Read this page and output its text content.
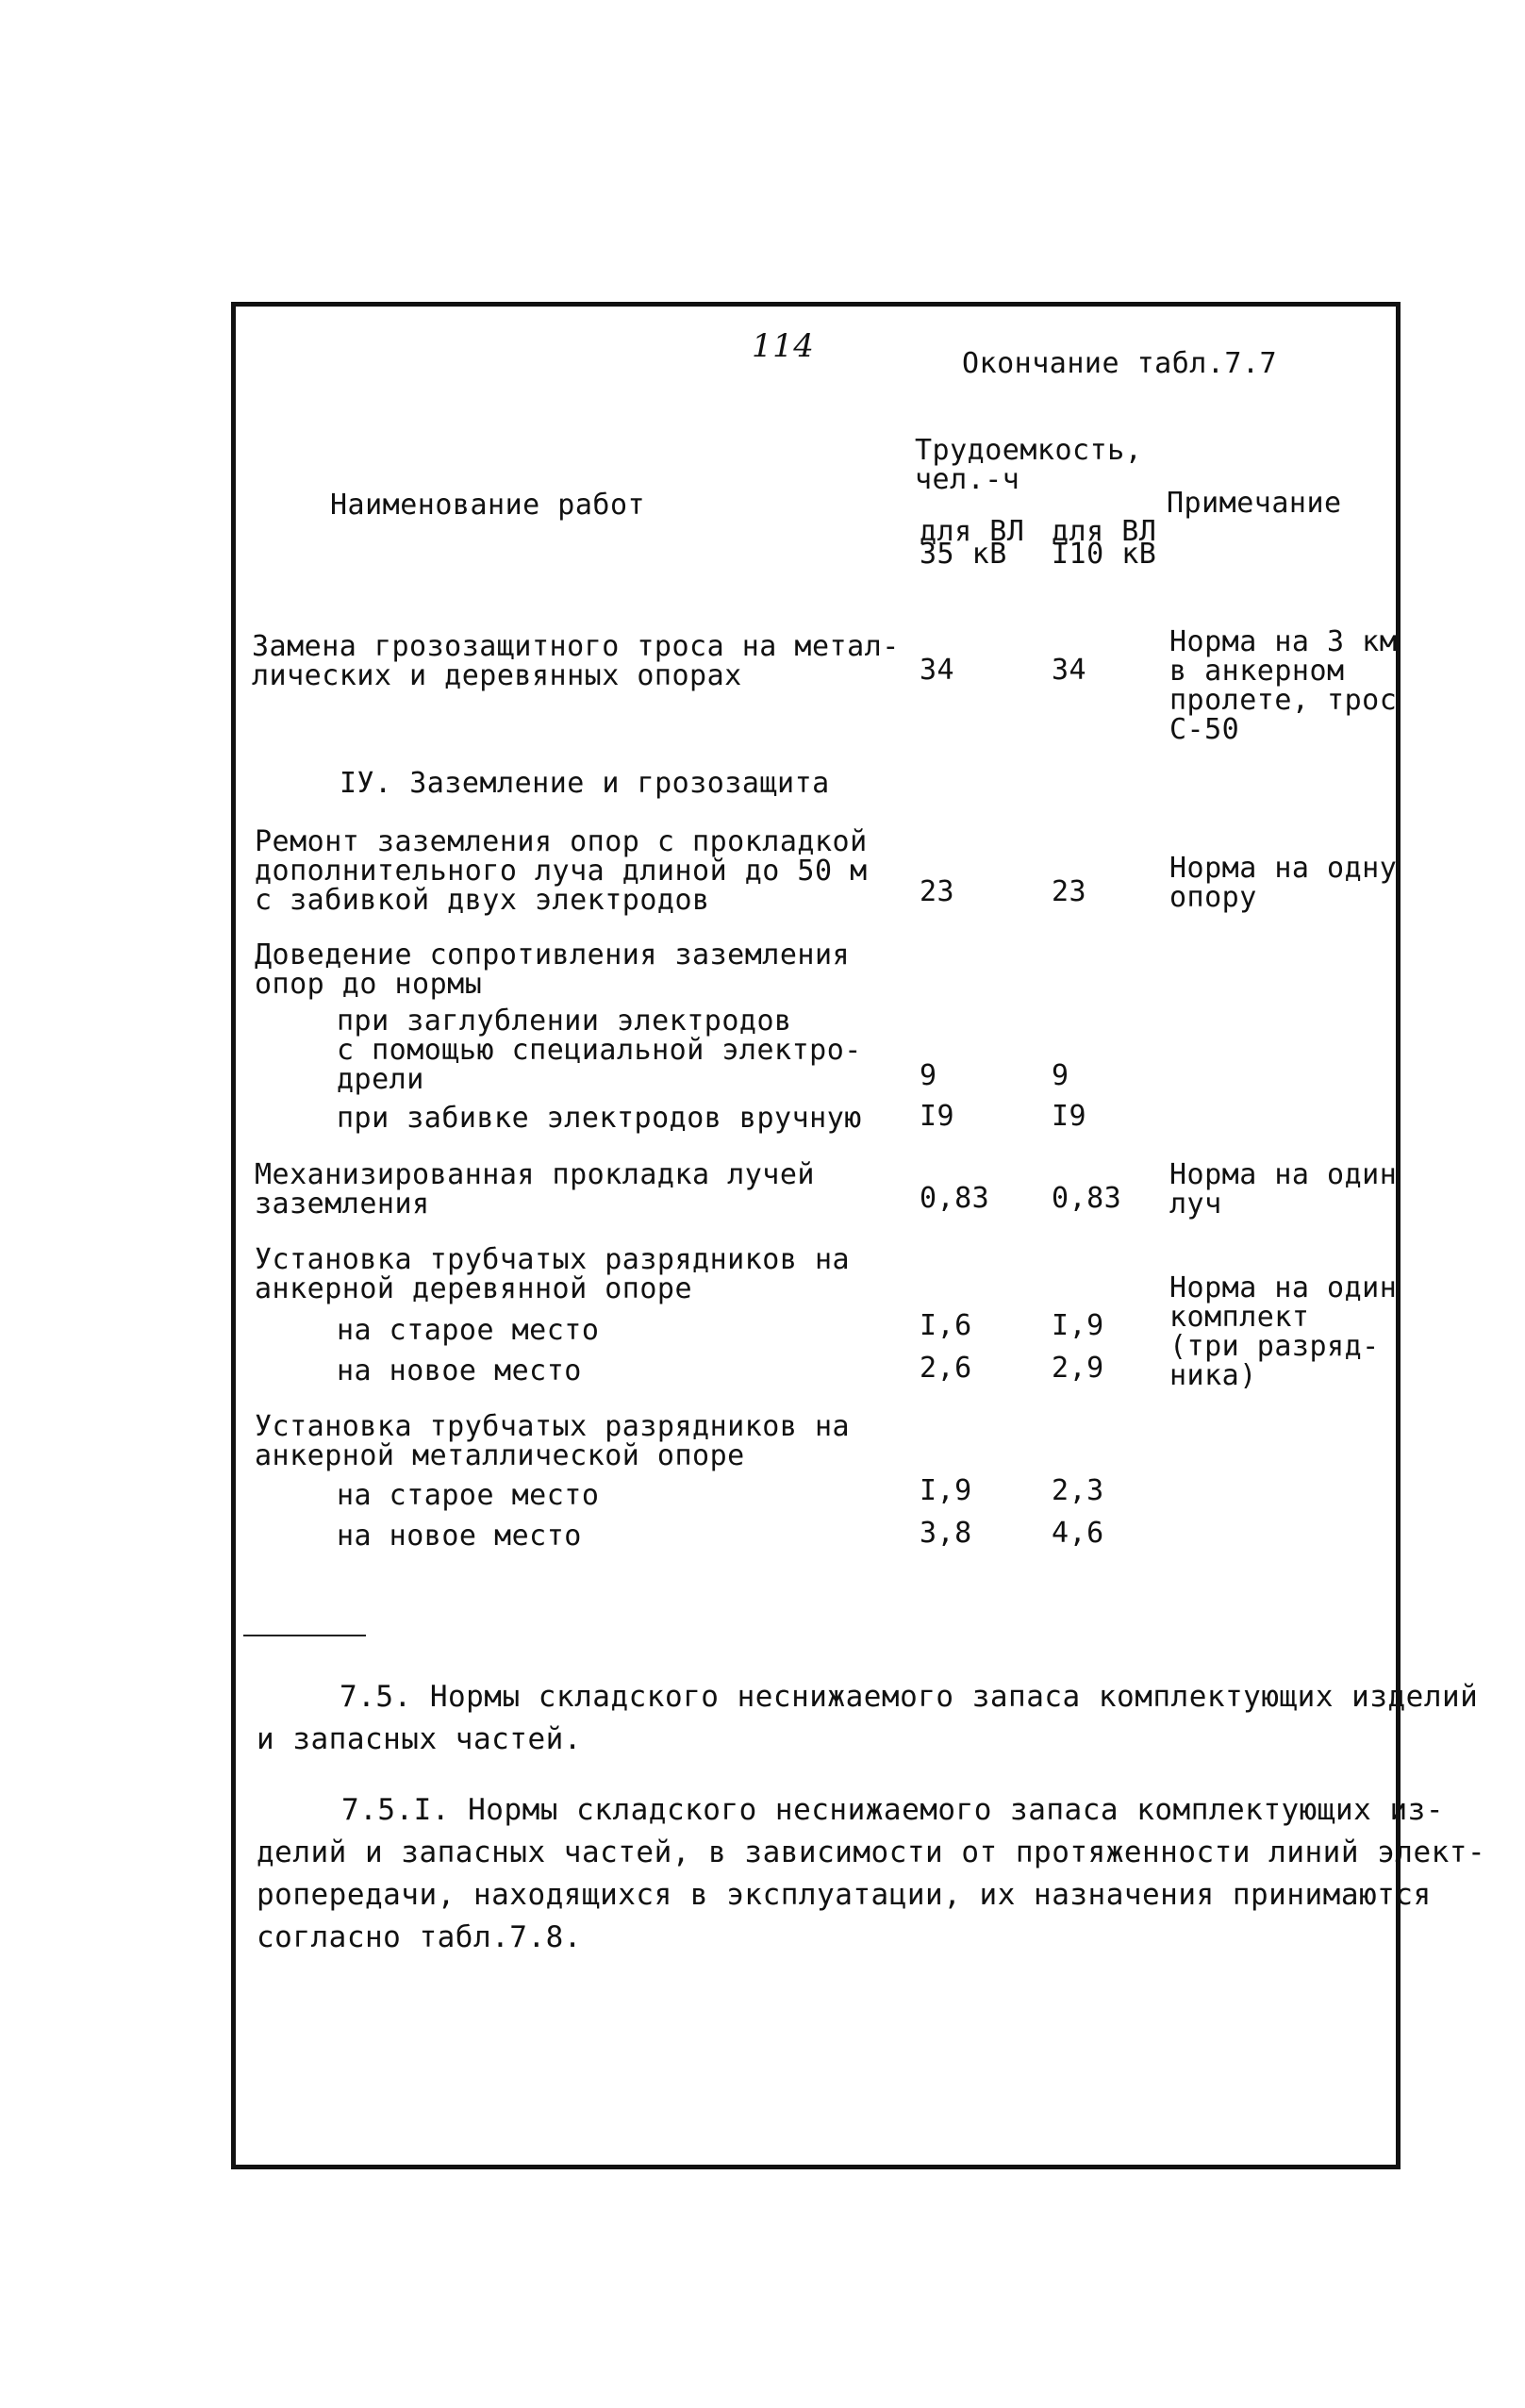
114	Окончание табл.7.7
Трудоемкость,
чел.-ч
Наименование работ	Примечание
для ВЛ
35 кВ
для ВЛ
I10 кВ
Замена грозозащитного троса на метал-
лических и деревянных опорах	34	34
Норма на 3 км
в анкерном
пролете, трос
С-50
IУ. Заземление и грозозащита
Ремонт заземления опор с прокладкой
дополнительного луча длиной до 50 м
с забивкой двух электродов	23	23
Норма на одну
опору
Доведение сопротивления заземления
опор до нормы
при заглублении электродов
с помощью специальной электро-
дрели	9	9
при забивке электродов вручную I9	I9
Механизированная прокладка лучей
заземления	0,83 0,83
Норма на один
луч
Установка трубчатых разрядников на
анкерной деревянной опоре	Норма на один
комплект
(три разряд-
ника)
на старое место	I,6	I,9
на новое место	2,6	2,9
Установка трубчатых разрядников на
анкерной металлической опоре
на старое место	I,9	2,3
на новое место	3,8	4,6
7.5. Нормы складского неснижаемого запаса комплектующих изделий
и запасных частей.
7.5.I. Нормы складского неснижаемого запаса комплектующих из-
делий и запасных частей, в зависимости от протяженности линий элект-
ропередачи, находящихся в эксплуатации, их назначения принимаются
согласно табл.7.8.
